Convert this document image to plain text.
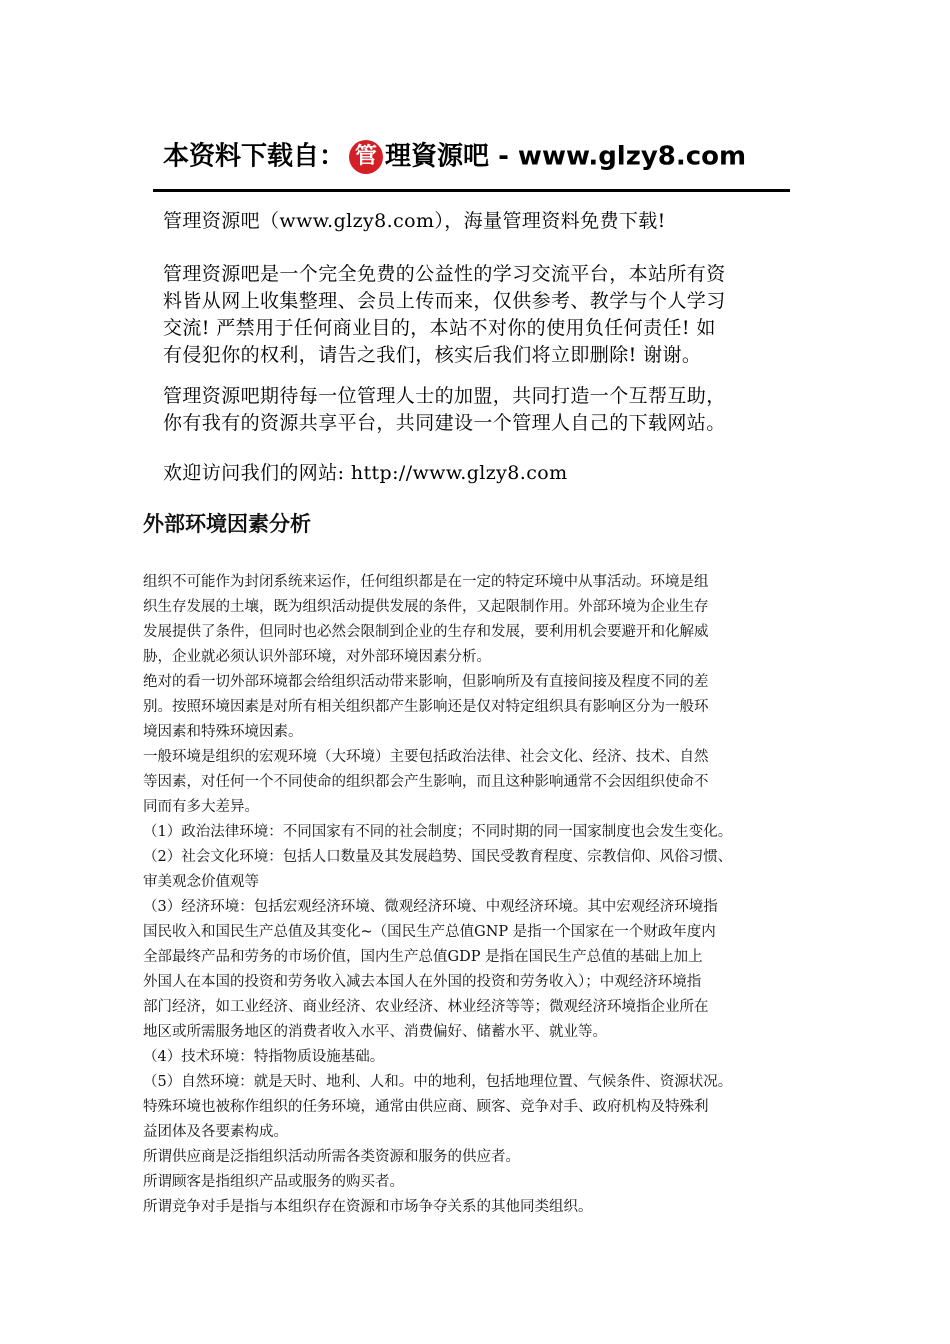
本资料下载自： 管 理資源吧 - www.glzy8.com
管理资源吧（www.glzy8.com），海量管理资料免费下载!
管理资源吧是一个完全免费的公益性的学习交流平台，本站所有资
料皆从网上收集整理、会员上传而来，仅供参考、教学与个人学习
交流! 严禁用于任何商业目的，本站不对你的使用负任何责任! 如
有侵犯你的权利，请告之我们，核实后我们将立即删除! 谢谢。
管理资源吧期待每一位管理人士的加盟，共同打造一个互帮互助，
你有我有的资源共享平台，共同建设一个管理人自己的下载网站。
欢迎访问我们的网站: http://www.glzy8.com
外部环境因素分析
组织不可能作为封闭系统来运作，任何组织都是在一定的特定环境中从事活动。环境是组
织生存发展的土壤，既为组织活动提供发展的条件，又起限制作用。外部环境为企业生存
发展提供了条件，但同时也必然会限制到企业的生存和发展，要利用机会要避开和化解威
胁，企业就必须认识外部环境，对外部环境因素分析。
绝对的看一切外部环境都会给组织活动带来影响，但影响所及有直接间接及程度不同的差
别。按照环境因素是对所有相关组织都产生影响还是仅对特定组织具有影响区分为一般环
境因素和特殊环境因素。
一般环境是组织的宏观环境（大环境）主要包括政治法律、社会文化、经济、技术、自然
等因素，对任何一个不同使命的组织都会产生影响，而且这种影响通常不会因组织使命不
同而有多大差异。
（1）政治法律环境：不同国家有不同的社会制度；不同时期的同一国家制度也会发生变化。
（2）社会文化环境：包括人口数量及其发展趋势、国民受教育程度、宗教信仰、风俗习惯、
审美观念价值观等
（3）经济环境：包括宏观经济环境、微观经济环境、中观经济环境。其中宏观经济环境指
国民收入和国民生产总值及其变化~（国民生产总值GNP 是指一个国家在一个财政年度内
全部最终产品和劳务的市场价值，国内生产总值GDP 是指在国民生产总值的基础上加上
外国人在本国的投资和劳务收入减去本国人在外国的投资和劳务收入）；中观经济环境指
部门经济，如工业经济、商业经济、农业经济、林业经济等等；微观经济环境指企业所在
地区或所需服务地区的消费者收入水平、消费偏好、储蓄水平、就业等。
（4）技术环境：特指物质设施基础。
（5）自然环境：就是天时、地利、人和。中的地利，包括地理位置、气候条件、资源状况。
特殊环境也被称作组织的任务环境，通常由供应商、顾客、竞争对手、政府机构及特殊利
益团体及各要素构成。
所谓供应商是泛指组织活动所需各类资源和服务的供应者。
所谓顾客是指组织产品或服务的购买者。
所谓竞争对手是指与本组织存在资源和市场争夺关系的其他同类组织。
